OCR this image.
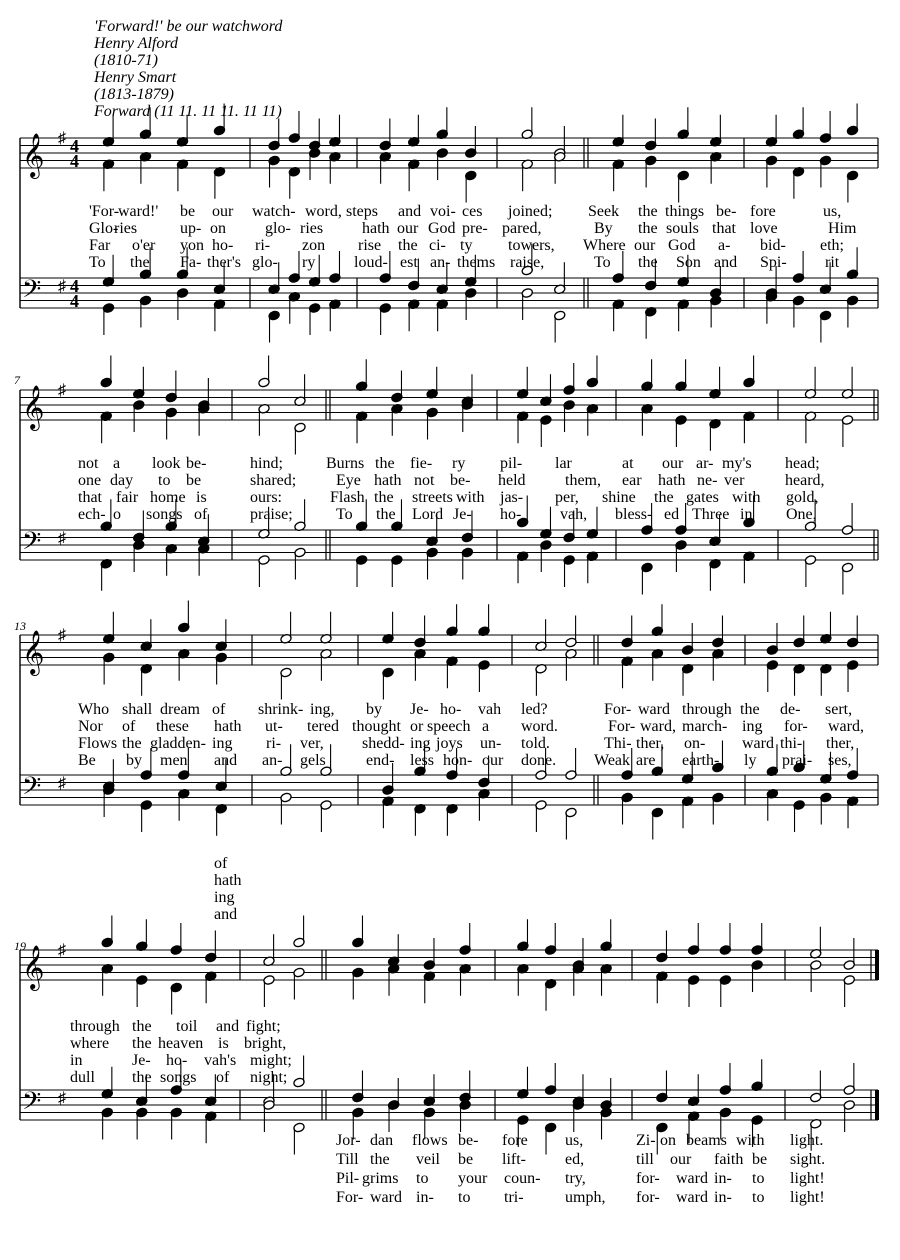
'Forward!' be our watchword
Henry Alford
(1810-71)
Henry Smart
(1813-1879)
Forward (11 11. 11 11. 11 11)
𝄞
𝄢
♯
♯
4
4
4
4
'For-
ward!' be our watch- word, steps and voi- ces joined; Seek the things be- fore	us,
Glo-
ries	up- on glo- ries hath our God pre- pared,	By the souls that love	Him
Far o'er yon ho- ri- zon rise the ci- ty towers, Where our God a- bid- eth;
To the Fa- ther's glo- ry loud- est an- thems raise,	To the Son and Spi- rit
𝄞
𝄢
♯
♯
7
not a look be-	hind;	Burns the fie- ry pil- lar	at our ar- my's head;
one day to be	shared; Eye hath not be- held them, ear hath ne- ver	heard,
that fair home is	ours:	Flash the streets with jas- per, shine the gates with gold,
ech- o songs of	praise;	To the Lord Je- ho- vah, bless- ed Three in One,
𝄞
𝄢
♯
♯
13
Who shall dream of shrink- ing, by Je- ho- vah led?	For- ward through the de- sert,
Nor of these hath ut- tered thought or speech a word.	For- ward, march- ing for- ward,
Flows the gladden- ing ri- ver, shedd- ing joys un- told.	Thi- ther, on- ward thi- ther,
Be by men and an- gels	end- less hon- our done. Weak are earth- ly prai- ses,
of
hath
ing
and
𝄞
𝄢
♯
♯
19
through the toil and fight;
where the heaven is bright,
in	Je- ho- vah's might;
dull the songs of night;
Jor- dan flows be- fore us,	Zi- on beams with light.
Till the veil be lift- ed,	till our faith be sight.
Pil- grims to your coun- try,	for- ward in- to light!
For- ward in- to tri-	umph, for- ward in- to light!
